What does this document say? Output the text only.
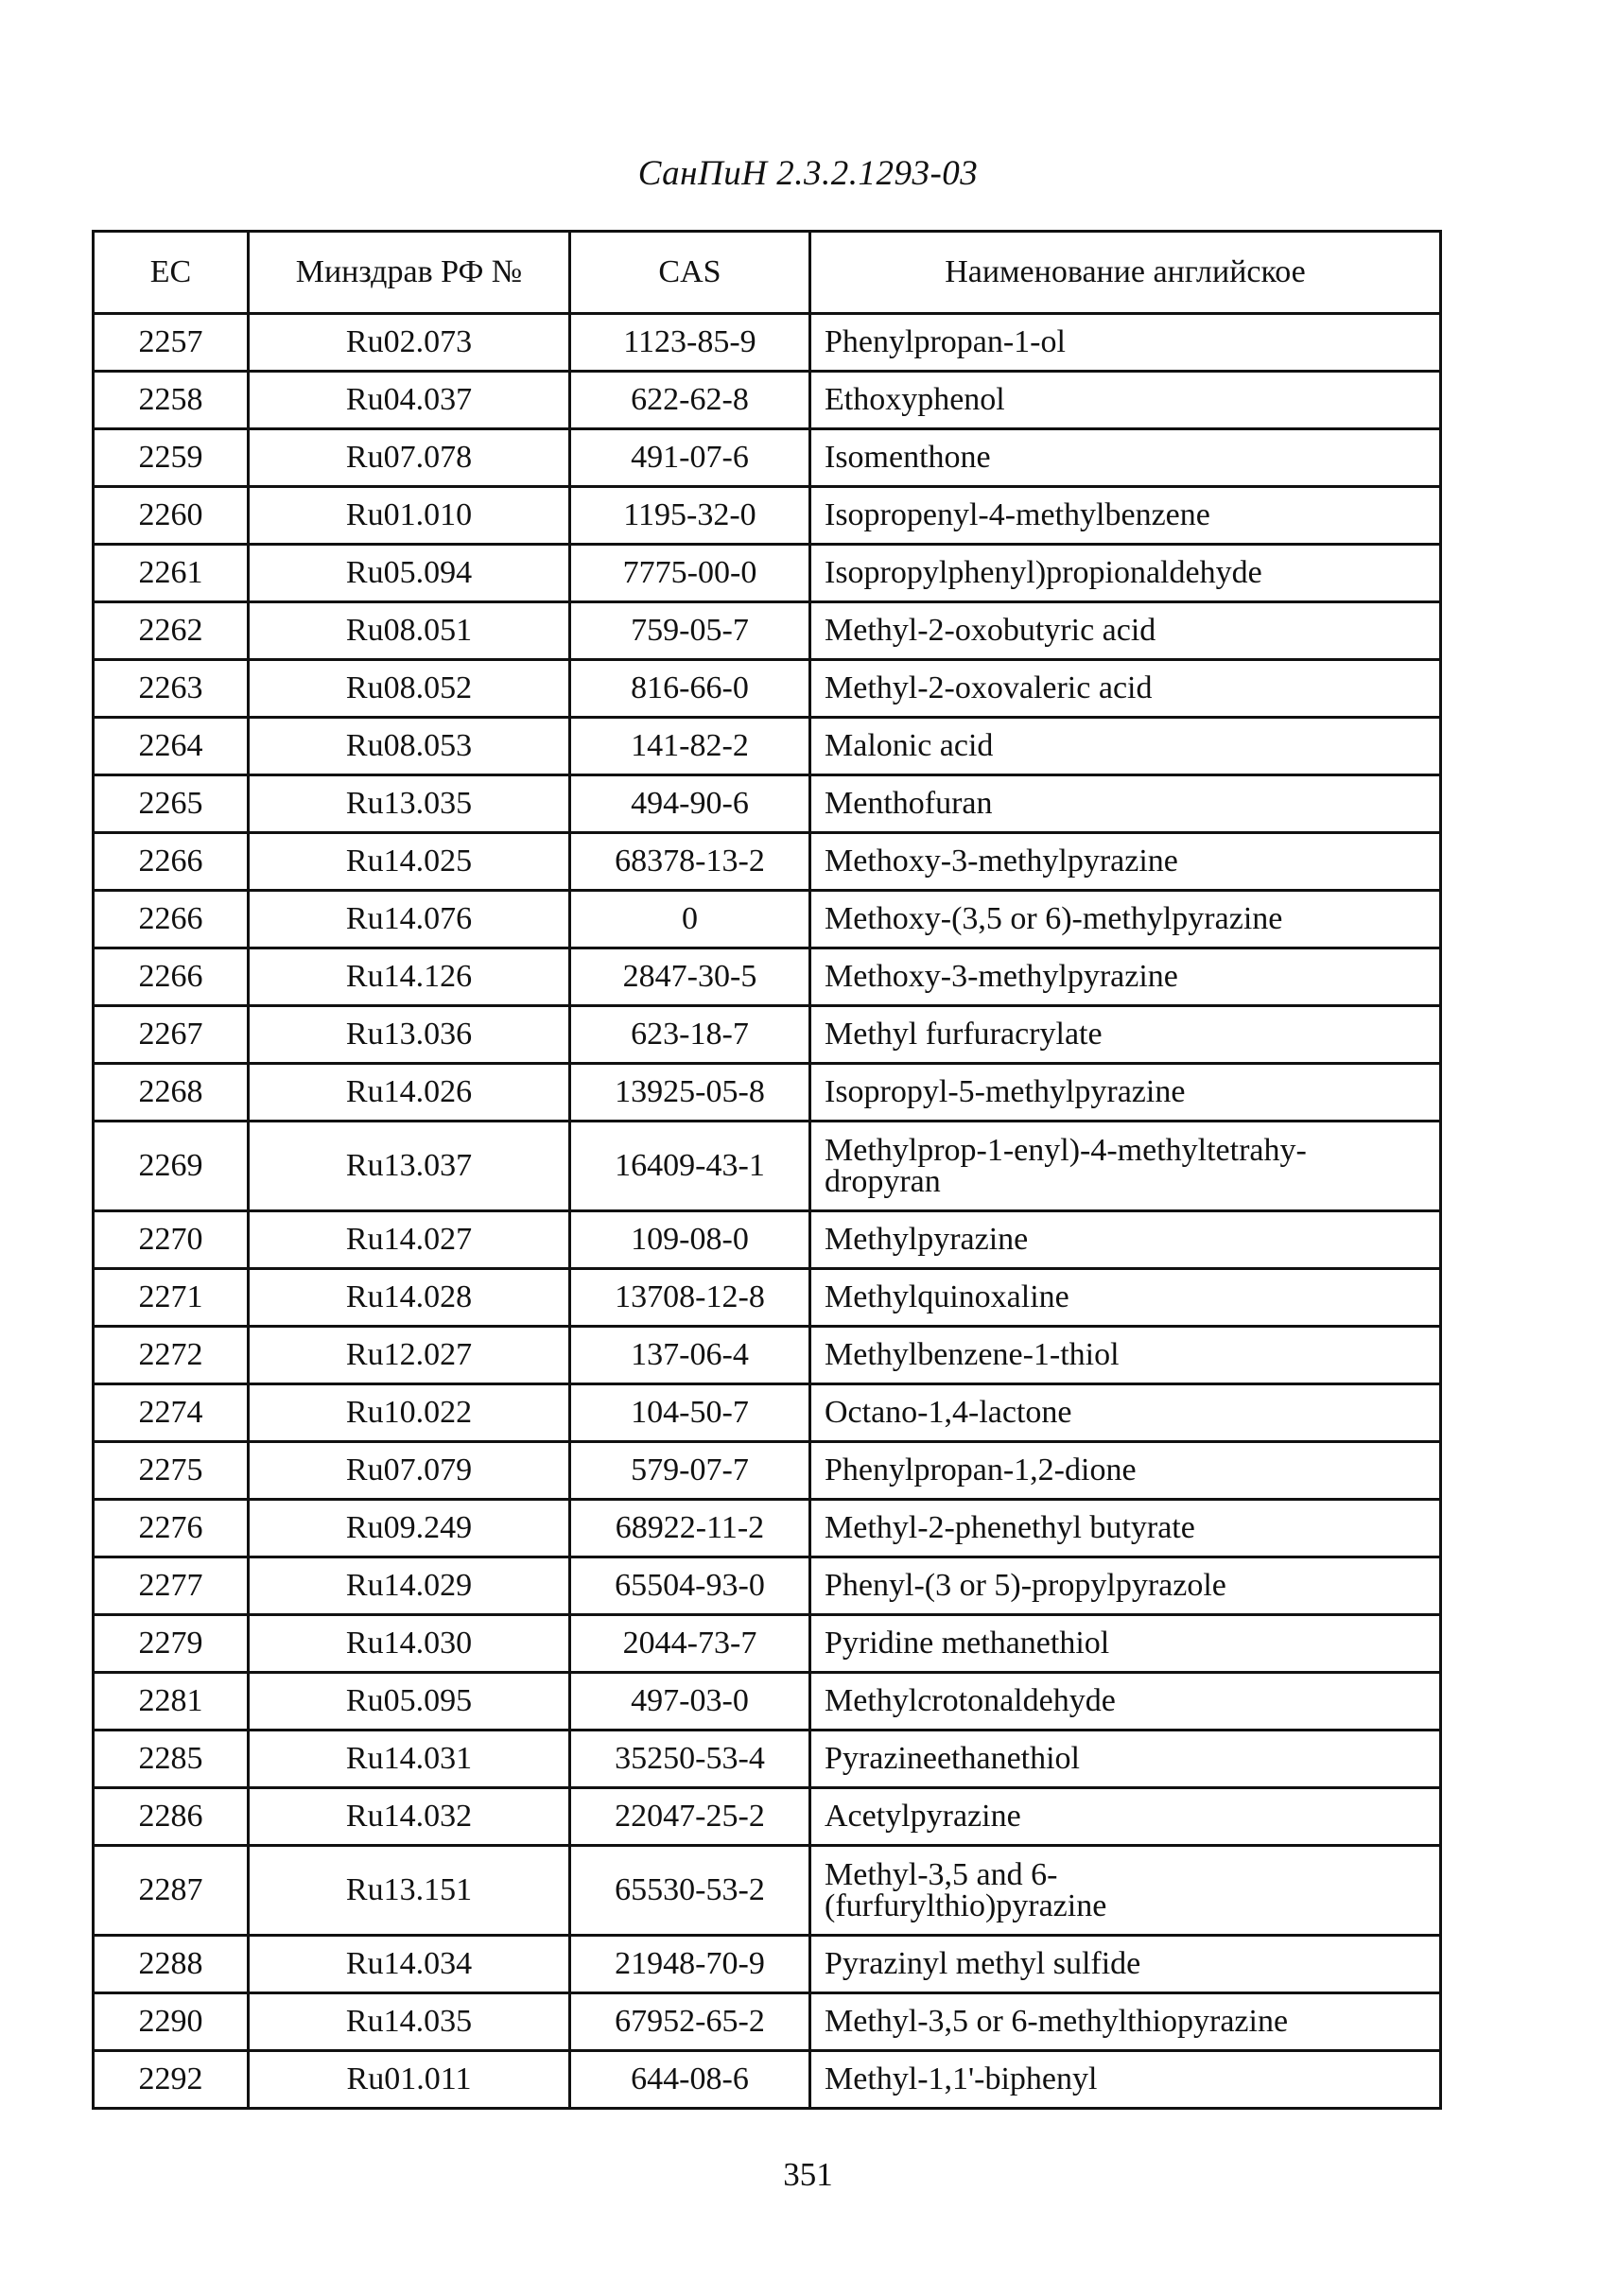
СанПиН 2.3.2.1293-03
ЕС	Минздрав РФ №	CAS	Наименование английское
2257	Ru02.073	1123-85-9	Phenylpropan-1-ol
2258	Ru04.037	622-62-8	Ethoxyphenol
2259	Ru07.078	491-07-6	Isomenthone
2260	Ru01.010	1195-32-0	Isopropenyl-4-methylbenzene
2261	Ru05.094	7775-00-0	Isopropylphenyl)propionaldehyde
2262	Ru08.051	759-05-7	Methyl-2-oxobutyric acid
2263	Ru08.052	816-66-0	Methyl-2-oxovaleric acid
2264	Ru08.053	141-82-2	Malonic acid
2265	Ru13.035	494-90-6	Menthofuran
2266	Ru14.025	68378-13-2	Methoxy-3-methylpyrazine
2266	Ru14.076	0	Methoxy-(3,5 or 6)-methylpyrazine
2266	Ru14.126	2847-30-5	Methoxy-3-methylpyrazine
2267	Ru13.036	623-18-7	Methyl furfuracrylate
2268	Ru14.026	13925-05-8	Isopropyl-5-methylpyrazine
2269	Ru13.037	16409-43-1	Methylprop-1-enyl)-4-methyltetrahy-
dropyran
2270	Ru14.027	109-08-0	Methylpyrazine
2271	Ru14.028	13708-12-8	Methylquinoxaline
2272	Ru12.027	137-06-4	Methylbenzene-1-thiol
2274	Ru10.022	104-50-7	Octano-1,4-lactone
2275	Ru07.079	579-07-7	Phenylpropan-1,2-dione
2276	Ru09.249	68922-11-2	Methyl-2-phenethyl butyrate
2277	Ru14.029	65504-93-0	Phenyl-(3 or 5)-propylpyrazole
2279	Ru14.030	2044-73-7	Pyridine methanethiol
2281	Ru05.095	497-03-0	Methylcrotonaldehyde
2285	Ru14.031	35250-53-4	Pyrazineethanethiol
2286	Ru14.032	22047-25-2	Acetylpyrazine
2287	Ru13.151	65530-53-2	Methyl-3,5 and 6-
(furfurylthio)pyrazine
2288	Ru14.034	21948-70-9	Pyrazinyl methyl sulfide
2290	Ru14.035	67952-65-2	Methyl-3,5 or 6-methylthiopyrazine
2292	Ru01.011	644-08-6	Methyl-1,1'-biphenyl
351
